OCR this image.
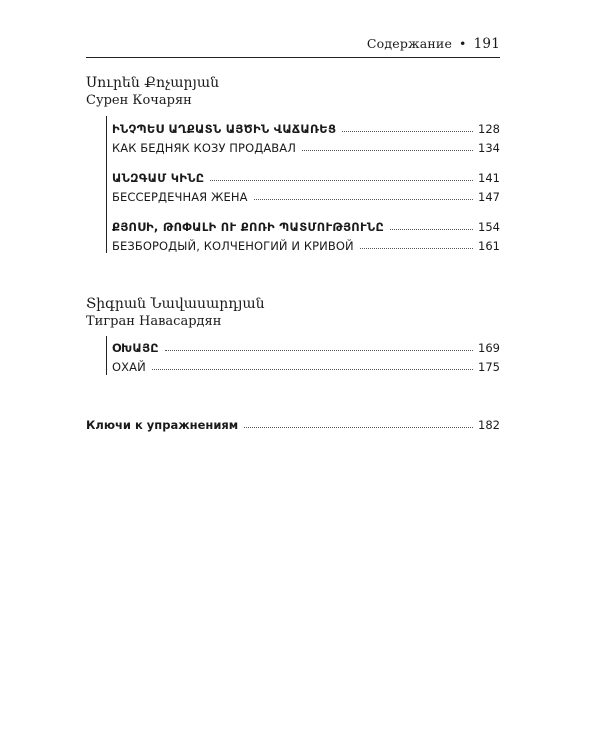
Содержание • 191
Սուրեն Քոչարյան
Сурен Кочарян
ԻՆՉՊԵՍ ԱՂՔԱՏՆ ԱՅԾԻՆ ՎԱՃԱՌԵՑ	128
КАК БЕДНЯК КОЗУ ПРОДАВАЛ	134
ԱՆԶԳԱՄ ԿԻՆԸ	141
БЕССЕРДЕЧНАЯ ЖЕНА	147
ՔՅՈՍԻ, ԹՈՓԱԼԻ ՈՒ ՔՈՌԻ ՊԱՏՄՈՒԹՅՈՒՆԸ	154
БЕЗБОРОДЫЙ, КОЛЧЕНОГИЙ И КРИВОЙ	161
Տիգրան Նավասարդյան
Тигран Навасардян
ՕԽԱՅԸ	169
ОХАЙ	175
Ключи к упражнениям	182
